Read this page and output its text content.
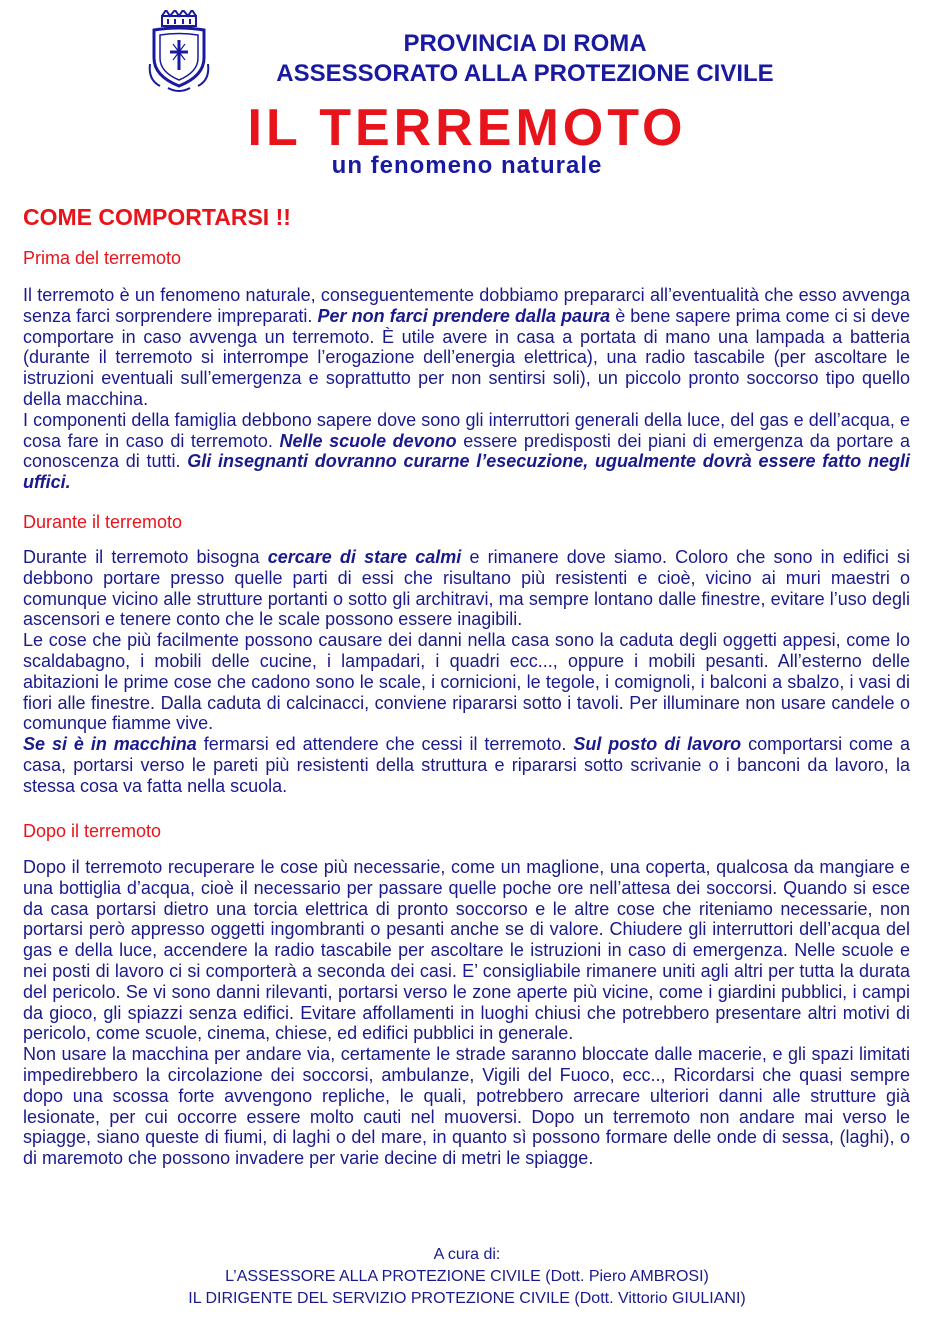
PROVINCIA DI ROMA
ASSESSORATO ALLA PROTEZIONE CIVILE
IL TERREMOTO
un fenomeno naturale
COME COMPORTARSI !!
Prima del terremoto
Il terremoto è un fenomeno naturale, conseguentemente dobbiamo prepararci all’eventualità che esso avvenga senza farci sorprendere impreparati. Per non farci prendere dalla paura è bene sapere prima come ci si deve comportare in caso avvenga un terremoto. È utile avere in casa a portata di mano una lampada a batteria (durante il terremoto si interrompe l’erogazione dell’energia elettrica), una radio tascabile (per ascoltare le istruzioni eventuali sull’emergenza e soprattutto per non sentirsi soli), un piccolo pronto soccorso tipo quello della macchina.
I componenti della famiglia debbono sapere dove sono gli interruttori generali della luce, del gas e dell’acqua, e cosa fare in caso di terremoto. Nelle scuole devono essere predisposti dei piani di emergenza da portare a conoscenza di tutti. Gli insegnanti dovranno curarne l’esecuzione, ugualmente dovrà essere fatto negli uffici.
Durante il terremoto
Durante il terremoto bisogna cercare di stare calmi e rimanere dove siamo. Coloro che sono in edifici si debbono portare presso quelle parti di essi che risultano più resistenti e cioè, vicino ai muri maestri o comunque vicino alle strutture portanti o sotto gli architravi, ma sempre lontano dalle finestre, evitare l’uso degli ascensori e tenere conto che le scale possono essere inagibili.
Le cose che più facilmente possono causare dei danni nella casa sono la caduta degli oggetti appesi, come lo scaldabagno, i mobili delle cucine, i lampadari, i quadri ecc..., oppure i mobili pesanti. All’esterno delle abitazioni le prime cose che cadono sono le scale, i cornicioni, le tegole, i comignoli, i balconi a sbalzo, i vasi di fiori alle finestre. Dalla caduta di calcinacci, conviene ripararsi sotto i tavoli. Per illuminare non usare candele o comunque fiamme vive.
Se si è in macchina fermarsi ed attendere che cessi il terremoto. Sul posto di lavoro comportarsi come a casa, portarsi verso le pareti più resistenti della struttura e ripararsi sotto scrivanie o i banconi da lavoro, la stessa cosa va fatta nella scuola.
Dopo il terremoto
Dopo il terremoto recuperare le cose più necessarie, come un maglione, una coperta, qualcosa da mangiare e una bottiglia d’acqua, cioè il necessario per passare quelle poche ore nell’attesa dei soccorsi. Quando si esce da casa portarsi dietro una torcia elettrica di pronto soccorso e le altre cose che riteniamo necessarie, non portarsi però appresso oggetti ingombranti o pesanti anche se di valore. Chiudere gli interruttori dell’acqua del gas e della luce, accendere la radio tascabile per ascoltare le istruzioni in caso di emergenza. Nelle scuole e nei posti di lavoro ci si comporterà a seconda dei casi. E’ consigliabile rimanere uniti agli altri per tutta la durata del pericolo. Se vi sono danni rilevanti, portarsi verso le zone aperte più vicine, come i giardini pubblici, i campi da gioco, gli spiazzi senza edifici. Evitare affollamenti in luoghi chiusi che potrebbero presentare altri motivi di pericolo, come scuole, cinema, chiese, ed edifici pubblici in generale.
Non usare la macchina per andare via, certamente le strade saranno bloccate dalle macerie, e gli spazi limitati impedirebbero la circolazione dei soccorsi, ambulanze, Vigili del Fuoco, ecc.., Ricordarsi che quasi sempre dopo una scossa forte avvengono repliche, le quali, potrebbero arrecare ulteriori danni alle strutture già lesionate, per cui occorre essere molto cauti nel muoversi. Dopo un terremoto non andare mai verso le spiagge, siano queste di fiumi, di laghi o del mare, in quanto sì possono formare delle onde di sessa, (laghi), o di maremoto che possono invadere per varie decine di metri le spiagge.
A cura di:
L’ASSESSORE ALLA PROTEZIONE CIVILE (Dott. Piero AMBROSI)
IL DIRIGENTE DEL SERVIZIO PROTEZIONE CIVILE (Dott. Vittorio GIULIANI)
